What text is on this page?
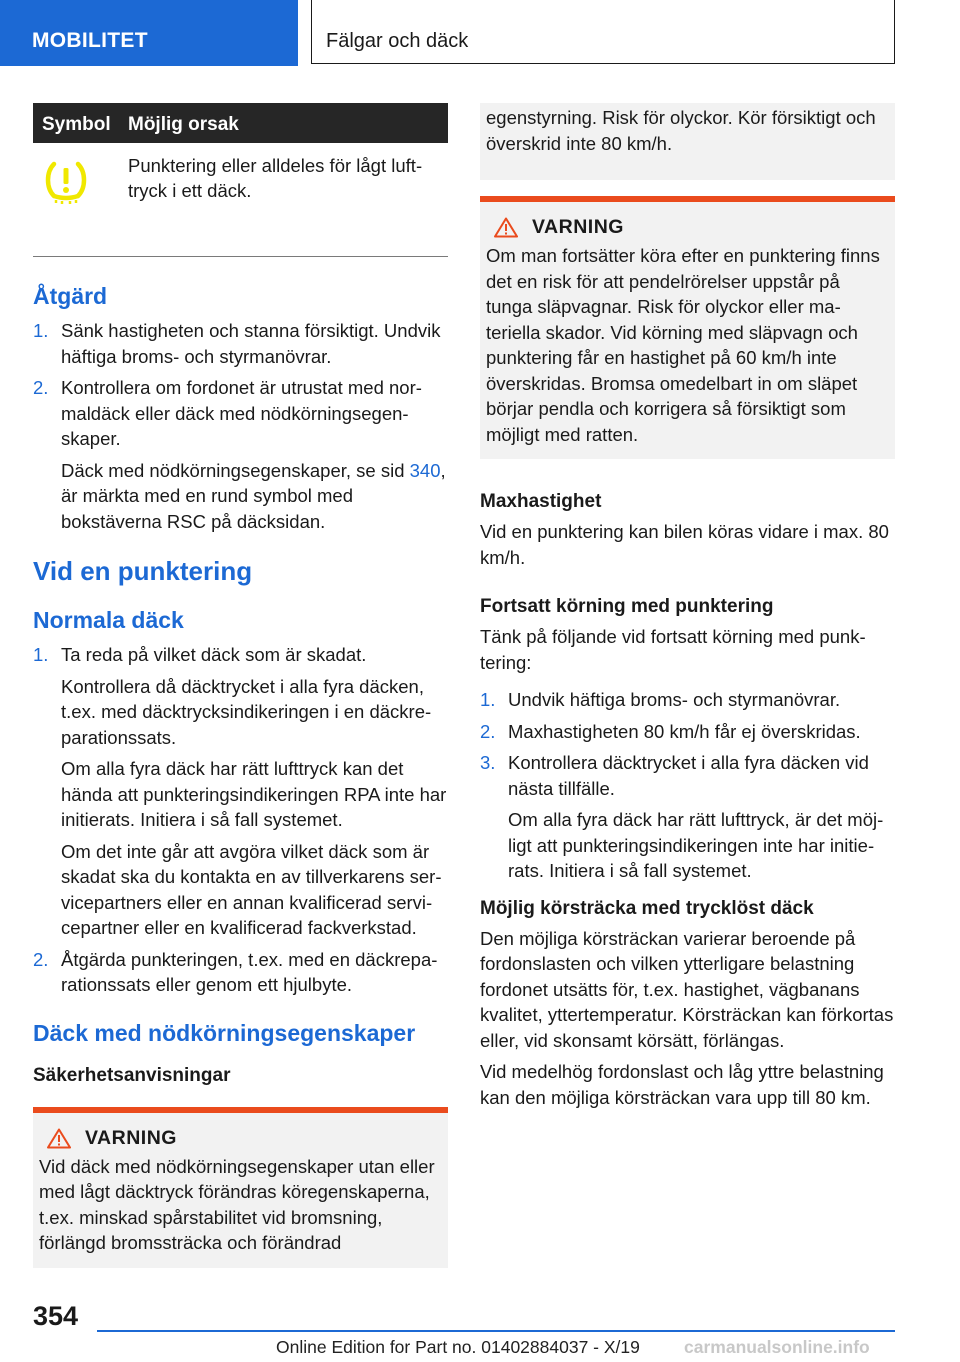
MOBILITET	Fälgar och däck
Symbol Möjlig orsak
Punktering eller alldeles för lågt lufttryck i ett däck.
Åtgärd
1. Sänk hastigheten och stanna försiktigt. Undvik häftiga broms- och styrmanövrar.
2. Kontrollera om fordonet är utrustat med normaldäck eller däck med nödkörningsegenskaper.
Däck med nödkörningsegenskaper, se sid 340, är märkta med en rund symbol med bokstäverna RSC på däcksidan.
Vid en punktering
Normala däck
1. Ta reda på vilket däck som är skadat.
Kontrollera då däcktrycket i alla fyra däcken, t.ex. med däcktrycksindikeringen i en däckreparationssats.
Om alla fyra däck har rätt lufttryck kan det hända att punkteringsindikeringen RPA inte har initierats. Initiera i så fall systemet.
Om det inte går att avgöra vilket däck som är skadat ska du kontakta en av tillverkarens servicepartners eller en annan kvalificerad servicepartner eller en kvalificerad fackverkstad.
2. Åtgärda punkteringen, t.ex. med en däckreparationssats eller genom ett hjulbyte.
Däck med nödkörningsegenskaper
Säkerhetsanvisningar
VARNING

Vid däck med nödkörningsegenskaper utan eller med lågt däcktryck förändras köregenskaperna, t.ex. minskad spårstabilitet vid bromsning, förlängd bromssträcka och förändrad

egenstyrning. Risk för olyckor. Kör försiktigt och överskrid inte 80 km/h.

VARNING

Om man fortsätter köra efter en punktering finns det en risk för att pendelrörelser uppstår på tunga släpvagnar. Risk för olyckor eller materiella skador. Vid körning med släpvagn och punktering får en hastighet på 60 km/h inte överskridas. Bromsa omedelbart in om släpet börjar pendla och korrigera så försiktigt som möjligt med ratten.

Maxhastighet

Vid en punktering kan bilen köras vidare i max. 80 km/h.

Fortsatt körning med punktering

Tänk på följande vid fortsatt körning med punktering:

1. Undvik häftiga broms- och styrmanövrar.
2. Maxhastigheten 80 km/h får ej överskridas.
3. Kontrollera däcktrycket i alla fyra däcken vid nästa tillfälle.
Om alla fyra däck har rätt lufttryck, är det möjligt att punkteringsindikeringen inte har initierats. Initiera i så fall systemet.
Möjlig körsträcka med trycklöst däck

Den möjliga körsträckan varierar beroende på fordonslasten och vilken ytterligare belastning fordonet utsätts för, t.ex. hastighet, vägbanans kvalitet, yttertemperatur. Körsträckan kan förkortas eller, vid skonsamt körsätt, förlängas.

Vid medelhög fordonslast och låg yttre belastning kan den möjliga körsträckan vara upp till 80 km.

354
Online Edition for Part no. 01402884037 - X/19	carmanualsonline.info
